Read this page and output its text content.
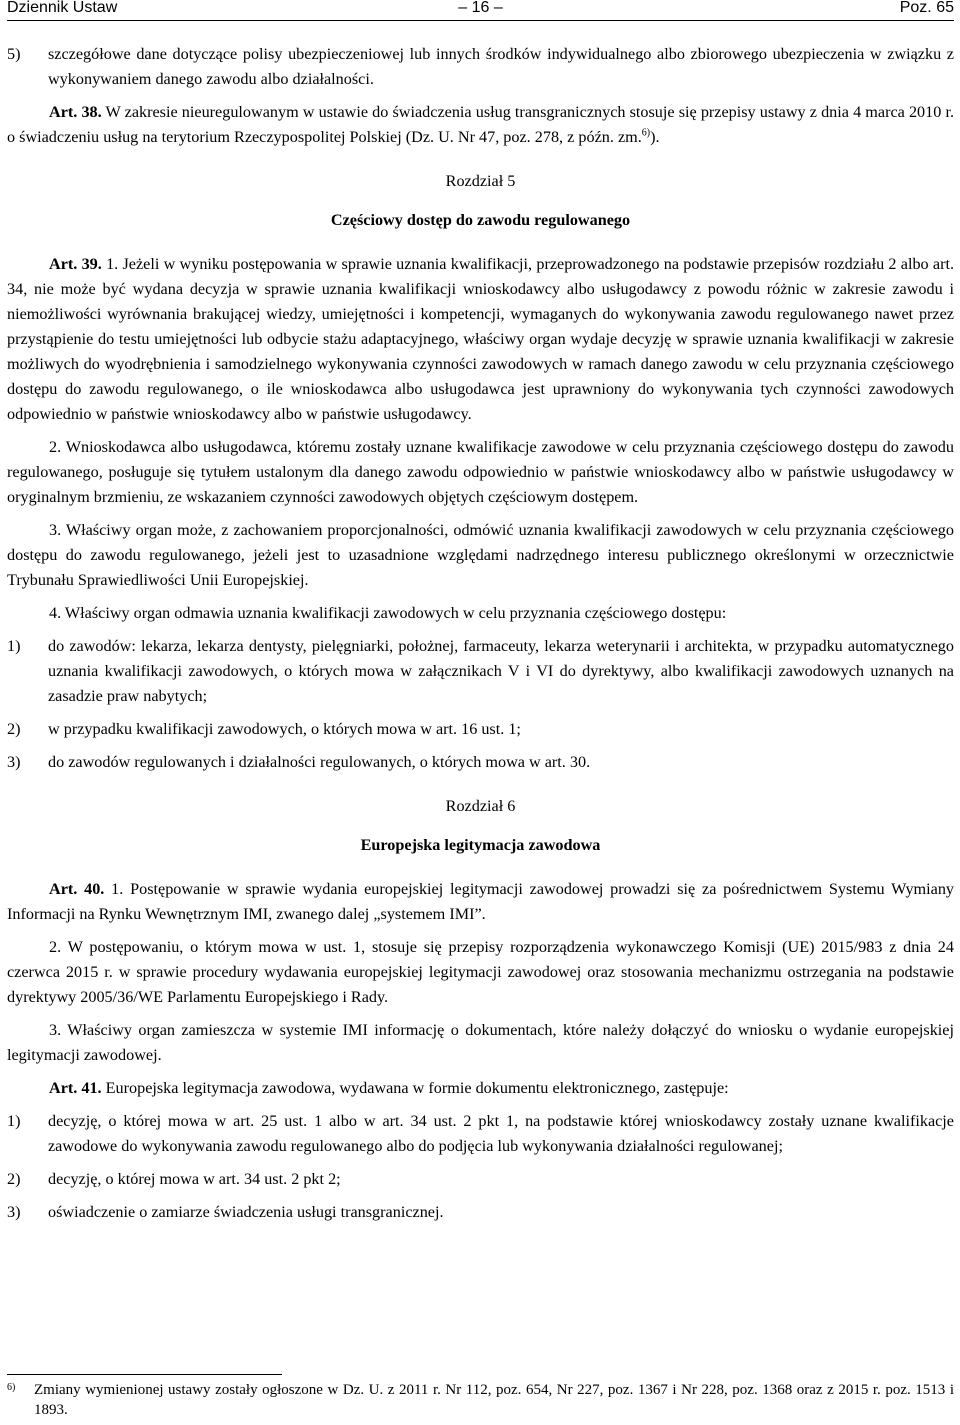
Dziennik Ustaw	– 16 –	Poz. 65

5) szczegółowe dane dotyczące polisy ubezpieczeniowej lub innych środków indywidualnego albo zbiorowego ubezpieczenia w związku z wykonywaniem danego zawodu albo działalności.

Art. 38. W zakresie nieuregulowanym w ustawie do świadczenia usług transgranicznych stosuje się przepisy ustawy z dnia 4 marca 2010 r. o świadczeniu usług na terytorium Rzeczypospolitej Polskiej (Dz. U. Nr 47, poz. 278, z późn. zm.$^{6)}$).

Rozdział 5

Częściowy dostęp do zawodu regulowanego

Art. 39. 1. Jeżeli w wyniku postępowania w sprawie uznania kwalifikacji, przeprowadzonego na podstawie przepisów rozdziału 2 albo art. 34, nie może być wydana decyzja w sprawie uznania kwalifikacji wnioskodawcy albo usługodawcy z powodu różnic w zakresie zawodu i niemożliwości wyrównania brakującej wiedzy, umiejętności i kompetencji, wymaganych do wykonywania zawodu regulowanego nawet przez przystąpienie do testu umiejętności lub odbycie stażu adaptacyjnego, właściwy organ wydaje decyzję w sprawie uznania kwalifikacji w zakresie możliwych do wyodrębnienia i samodzielnego wykonywania czynności zawodowych w ramach danego zawodu w celu przyznania częściowego dostępu do zawodu regulowanego, o ile wnioskodawca albo usługodawca jest uprawniony do wykonywania tych czynności zawodowych odpowiednio w państwie wnioskodawcy albo w państwie usługodawcy.

2. Wnioskodawca albo usługodawca, któremu zostały uznane kwalifikacje zawodowe w celu przyznania częściowego dostępu do zawodu regulowanego, posługuje się tytułem ustalonym dla danego zawodu odpowiednio w państwie wnioskodawcy albo w państwie usługodawcy w oryginalnym brzmieniu, ze wskazaniem czynności zawodowych objętych częściowym dostępem.

3. Właściwy organ może, z zachowaniem proporcjonalności, odmówić uznania kwalifikacji zawodowych w celu przyznania częściowego dostępu do zawodu regulowanego, jeżeli jest to uzasadnione względami nadrzędnego interesu publicznego określonymi w orzecznictwie Trybunału Sprawiedliwości Unii Europejskiej.

4. Właściwy organ odmawia uznania kwalifikacji zawodowych w celu przyznania częściowego dostępu:

1) do zawodów: lekarza, lekarza dentysty, pielęgniarki, położnej, farmaceuty, lekarza weterynarii i architekta, w przypadku automatycznego uznania kwalifikacji zawodowych, o których mowa w załącznikach V i VI do dyrektywy, albo kwalifikacji zawodowych uznanych na zasadzie praw nabytych;

2) w przypadku kwalifikacji zawodowych, o których mowa w art. 16 ust. 1;

3) do zawodów regulowanych i działalności regulowanych, o których mowa w art. 30.

Rozdział 6

Europejska legitymacja zawodowa

Art. 40. 1. Postępowanie w sprawie wydania europejskiej legitymacji zawodowej prowadzi się za pośrednictwem Systemu Wymiany Informacji na Rynku Wewnętrznym IMI, zwanego dalej „systemem IMI”.

2. W postępowaniu, o którym mowa w ust. 1, stosuje się przepisy rozporządzenia wykonawczego Komisji (UE) 2015/983 z dnia 24 czerwca 2015 r. w sprawie procedury wydawania europejskiej legitymacji zawodowej oraz stosowania mechanizmu ostrzegania na podstawie dyrektywy 2005/36/WE Parlamentu Europejskiego i Rady.

3. Właściwy organ zamieszcza w systemie IMI informację o dokumentach, które należy dołączyć do wniosku o wydanie europejskiej legitymacji zawodowej.

Art. 41. Europejska legitymacja zawodowa, wydawana w formie dokumentu elektronicznego, zastępuje:

1) decyzję, o której mowa w art. 25 ust. 1 albo w art. 34 ust. 2 pkt 1, na podstawie której wnioskodawcy zostały uznane kwalifikacje zawodowe do wykonywania zawodu regulowanego albo do podjęcia lub wykonywania działalności regulowanej;

2) decyzję, o której mowa w art. 34 ust. 2 pkt 2;

3) oświadczenie o zamiarze świadczenia usługi transgranicznej.

6)	Zmiany wymienionej ustawy zostały ogłoszone w Dz. U. z 2011 r. Nr 112, poz. 654, Nr 227, poz. 1367 i Nr 228, poz. 1368 oraz z 2015 r. poz. 1513 i 1893.
